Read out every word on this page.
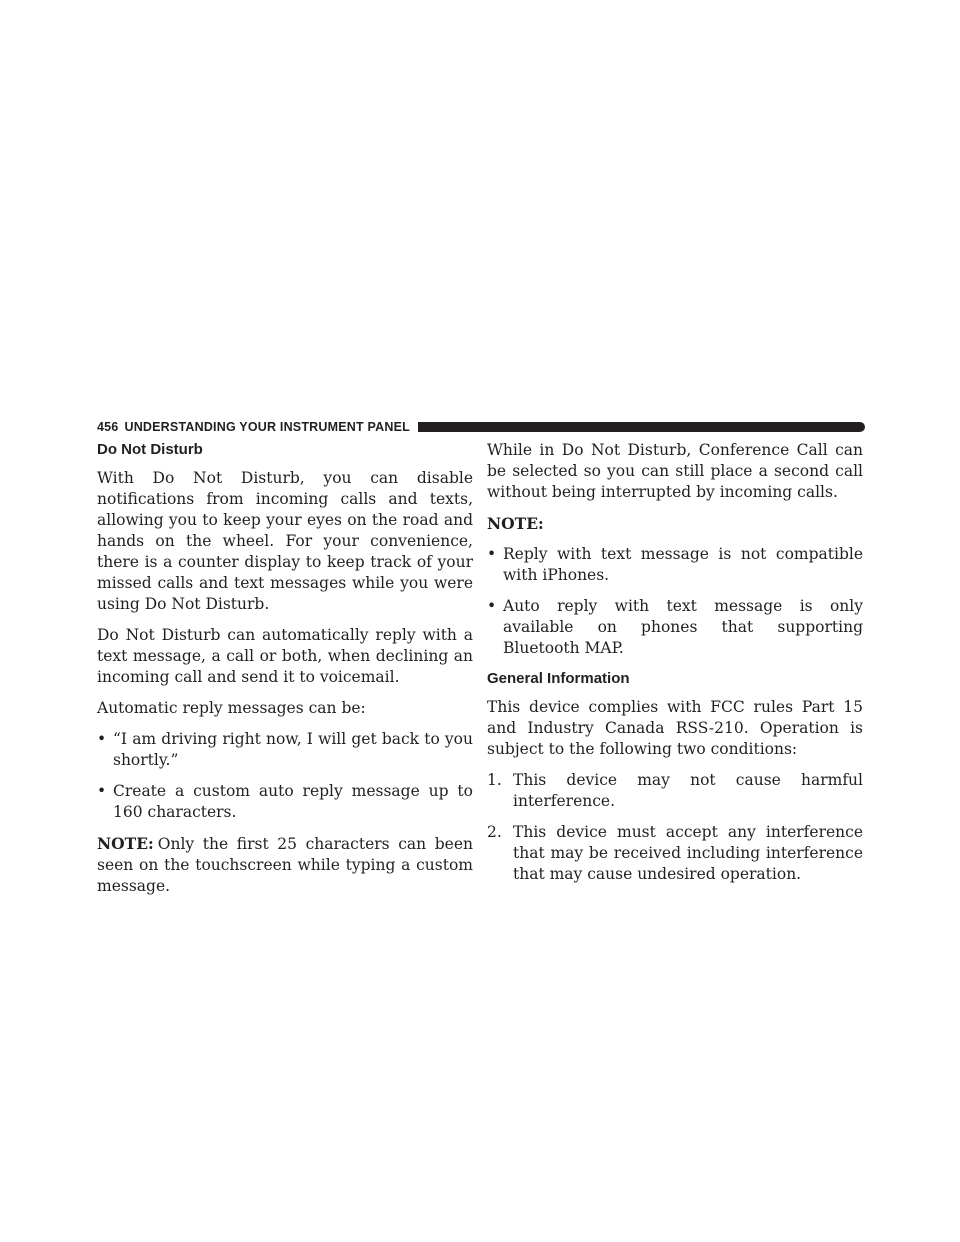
456 UNDERSTANDING YOUR INSTRUMENT PANEL
Do Not Disturb

With Do Not Disturb, you can disable notifications from incoming calls and texts, allowing you to keep your eyes on the road and hands on the wheel. For your convenience, there is a counter display to keep track of your missed calls and text messages while you were using Do Not Disturb.

Do Not Disturb can automatically reply with a text message, a call or both, when declining an incoming call and send it to voicemail.

Automatic reply messages can be:

• “I am driving right now, I will get back to you shortly.”
• Create a custom auto reply message up to 160 characters.

NOTE: Only the first 25 characters can been seen on the touchscreen while typing a custom message.

While in Do Not Disturb, Conference Call can be selected so you can still place a second call without being interrupted by incoming calls.

NOTE:
• Reply with text message is not compatible with iPhones.
• Auto reply with text message is only available on phones that supporting Bluetooth MAP.
General Information

This device complies with FCC rules Part 15 and Industry Canada RSS-210. Operation is subject to the following two conditions:

1. This device may not cause harmful interference.
2. This device must accept any interference that may be received including interference that may cause undesired operation.
